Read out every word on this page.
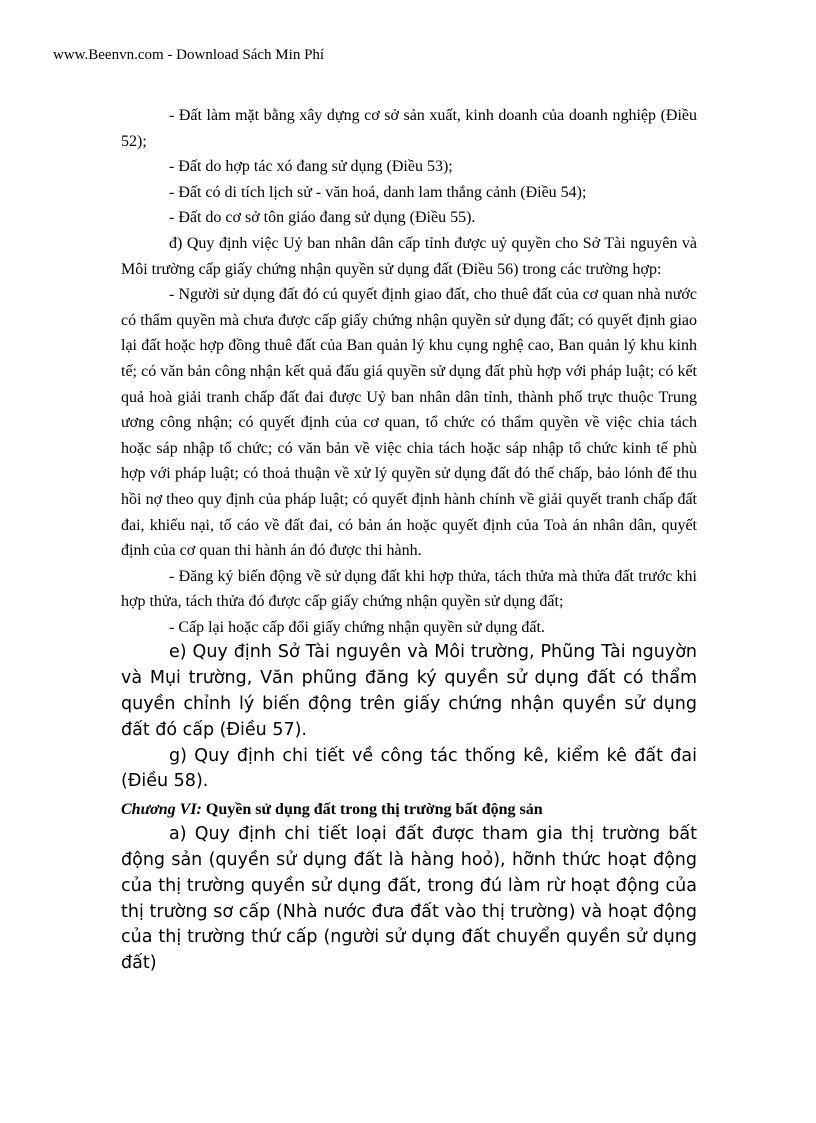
www.Beenvn.com - Download Sách Min Phí

- Đất làm mặt bằng xây dựng cơ sở sản xuất, kinh doanh của doanh nghiệp (Điều 52);

- Đất do hợp tác xó đang sử dụng (Điều 53);

- Đất có di tích lịch sử - văn hoá, danh lam thắng cảnh (Điều 54);

- Đất do cơ sở tôn giáo đang sử dụng (Điều 55).

đ) Quy định việc Uỷ ban nhân dân cấp tỉnh được uỷ quyền cho Sở Tài nguyên và Môi trường cấp giấy chứng nhận quyền sử dụng đất (Điều 56) trong các trường hợp:

- Người sử dụng đất đó cú quyết định giao đất, cho thuê đất của cơ quan nhà nước có thẩm quyền mà chưa được cấp giấy chứng nhận quyền sử dụng đất; có quyết định giao lại đất hoặc hợp đồng thuê đất của Ban quản lý khu cụng nghệ cao, Ban quản lý khu kinh tế; có văn bản công nhận kết quả đấu giá quyền sử dụng đất phù hợp với pháp luật; có kết quả hoà giải tranh chấp đất đai được Uỷ ban nhân dân tỉnh, thành phố trực thuộc Trung ương công nhận; có quyết định của cơ quan, tổ chức có thẩm quyền về việc chia tách hoặc sáp nhập tổ chức; có văn bản về việc chia tách hoặc sáp nhập tổ chức kinh tế phù hợp với pháp luật; có thoả thuận về xử lý quyền sử dụng đất đó thế chấp, bảo lónh để thu hồi nợ theo quy định của pháp luật; có quyết định hành chính về giải quyết tranh chấp đất đai, khiếu nại, tố cáo về đất đai, có bản án hoặc quyết định của Toà án nhân dân, quyết định của cơ quan thi hành án đó được thi hành.

- Đăng ký biến động về sử dụng đất khi hợp thửa, tách thửa mà thửa đất trước khi hợp thửa, tách thửa đó được cấp giấy chứng nhận quyền sử dụng đất;

- Cấp lại hoặc cấp đổi giấy chứng nhận quyền sử dụng đất.

e) Quy định Sở Tài nguyên và Môi trường, Phũng Tài nguyờn và Mụi trường, Văn phũng đăng ký quyền sử dụng đất có thẩm quyền chỉnh lý biến động trên giấy chứng nhận quyền sử dụng đất đó cấp (Điều 57).

g) Quy định chi tiết về công tác thống kê, kiểm kê đất đai (Điều 58).

Chương VI: Quyền sử dụng đất trong thị trường bất động sản

a) Quy định chi tiết loại đất được tham gia thị trường bất động sản (quyền sử dụng đất là hàng hoỏ), hỡnh thức hoạt động của thị trường quyền sử dụng đất, trong đú làm rừ hoạt động của thị trường sơ cấp (Nhà nước đưa đất vào thị trường) và hoạt động của thị trường thứ cấp (người sử dụng đất chuyển quyền sử dụng đất)
